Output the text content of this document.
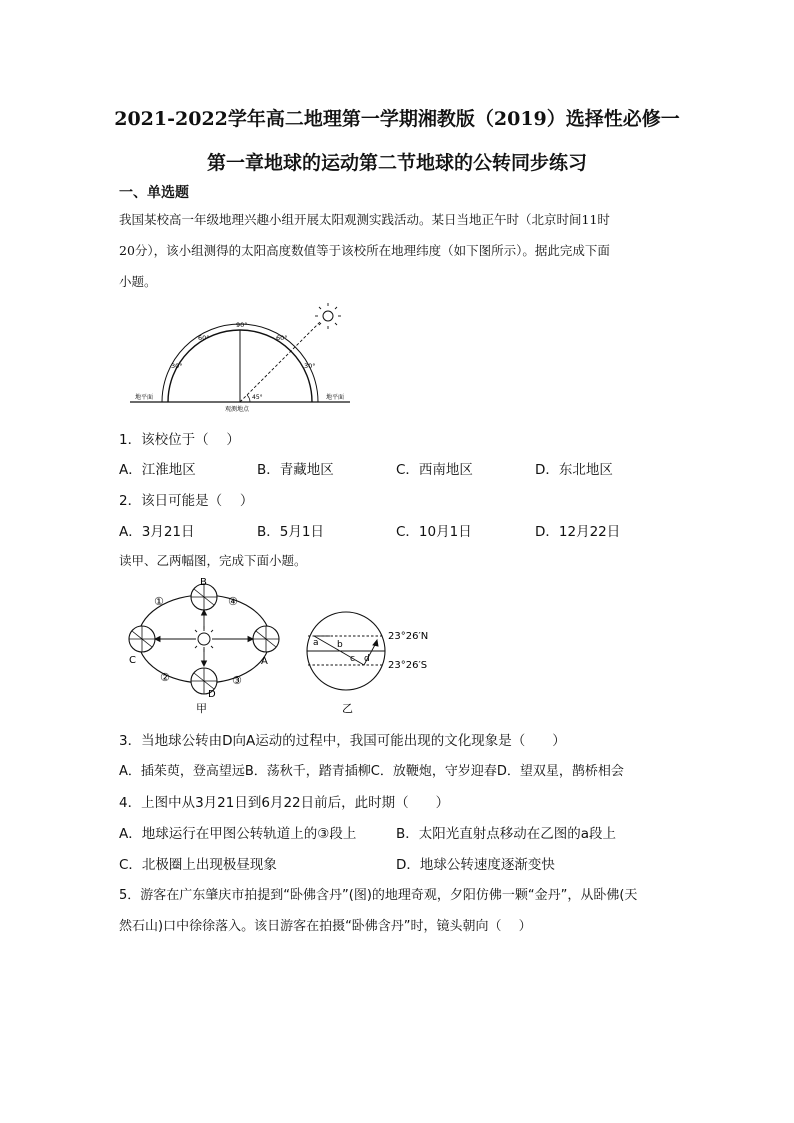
2021-2022学年高二地理第一学期湘教版（2019）选择性必修一
第一章地球的运动第二节地球的公转同步练习
一、单选题
我国某校高一年级地理兴趣小组开展太阳观测实践活动。某日当地正午时（北京时间11时
20分），该小组测得的太阳高度数值等于该校所在地理纬度（如下图所示）。据此完成下面
小题。
90°
60°	60°
30°	30°
45°
地平面	地平面
观测地点
1．该校位于（　 ）
A．江淮地区	B．青藏地区	C．西南地区	D．东北地区
2．该日可能是（　 ）
A．3月21日	B．5月1日	C．10月1日	D．12月22日
读甲、乙两幅图，完成下面小题。
B
A
C
D
①	④
②	③
甲
a b
c d
23°26′N
23°26′S
乙
3．当地球公转由D向A运动的过程中，我国可能出现的文化现象是（　　）
A．插茱萸，登高望远B．荡秋千，踏青插柳C．放鞭炮，守岁迎春D．望双星，鹊桥相会
4．上图中从3月21日到6月22日前后，此时期（　　）
A．地球运行在甲图公转轨道上的③段上	B．太阳光直射点移动在乙图的a段上
C．北极圈上出现极昼现象	D．地球公转速度逐渐变快
5．游客在广东肇庆市拍提到“卧佛含丹”(图)的地理奇观，夕阳仿佛一颗“金丹”，从卧佛(天
然石山)口中徐徐落入。该日游客在拍摄“卧佛含丹”时，镜头朝向（　 ）
